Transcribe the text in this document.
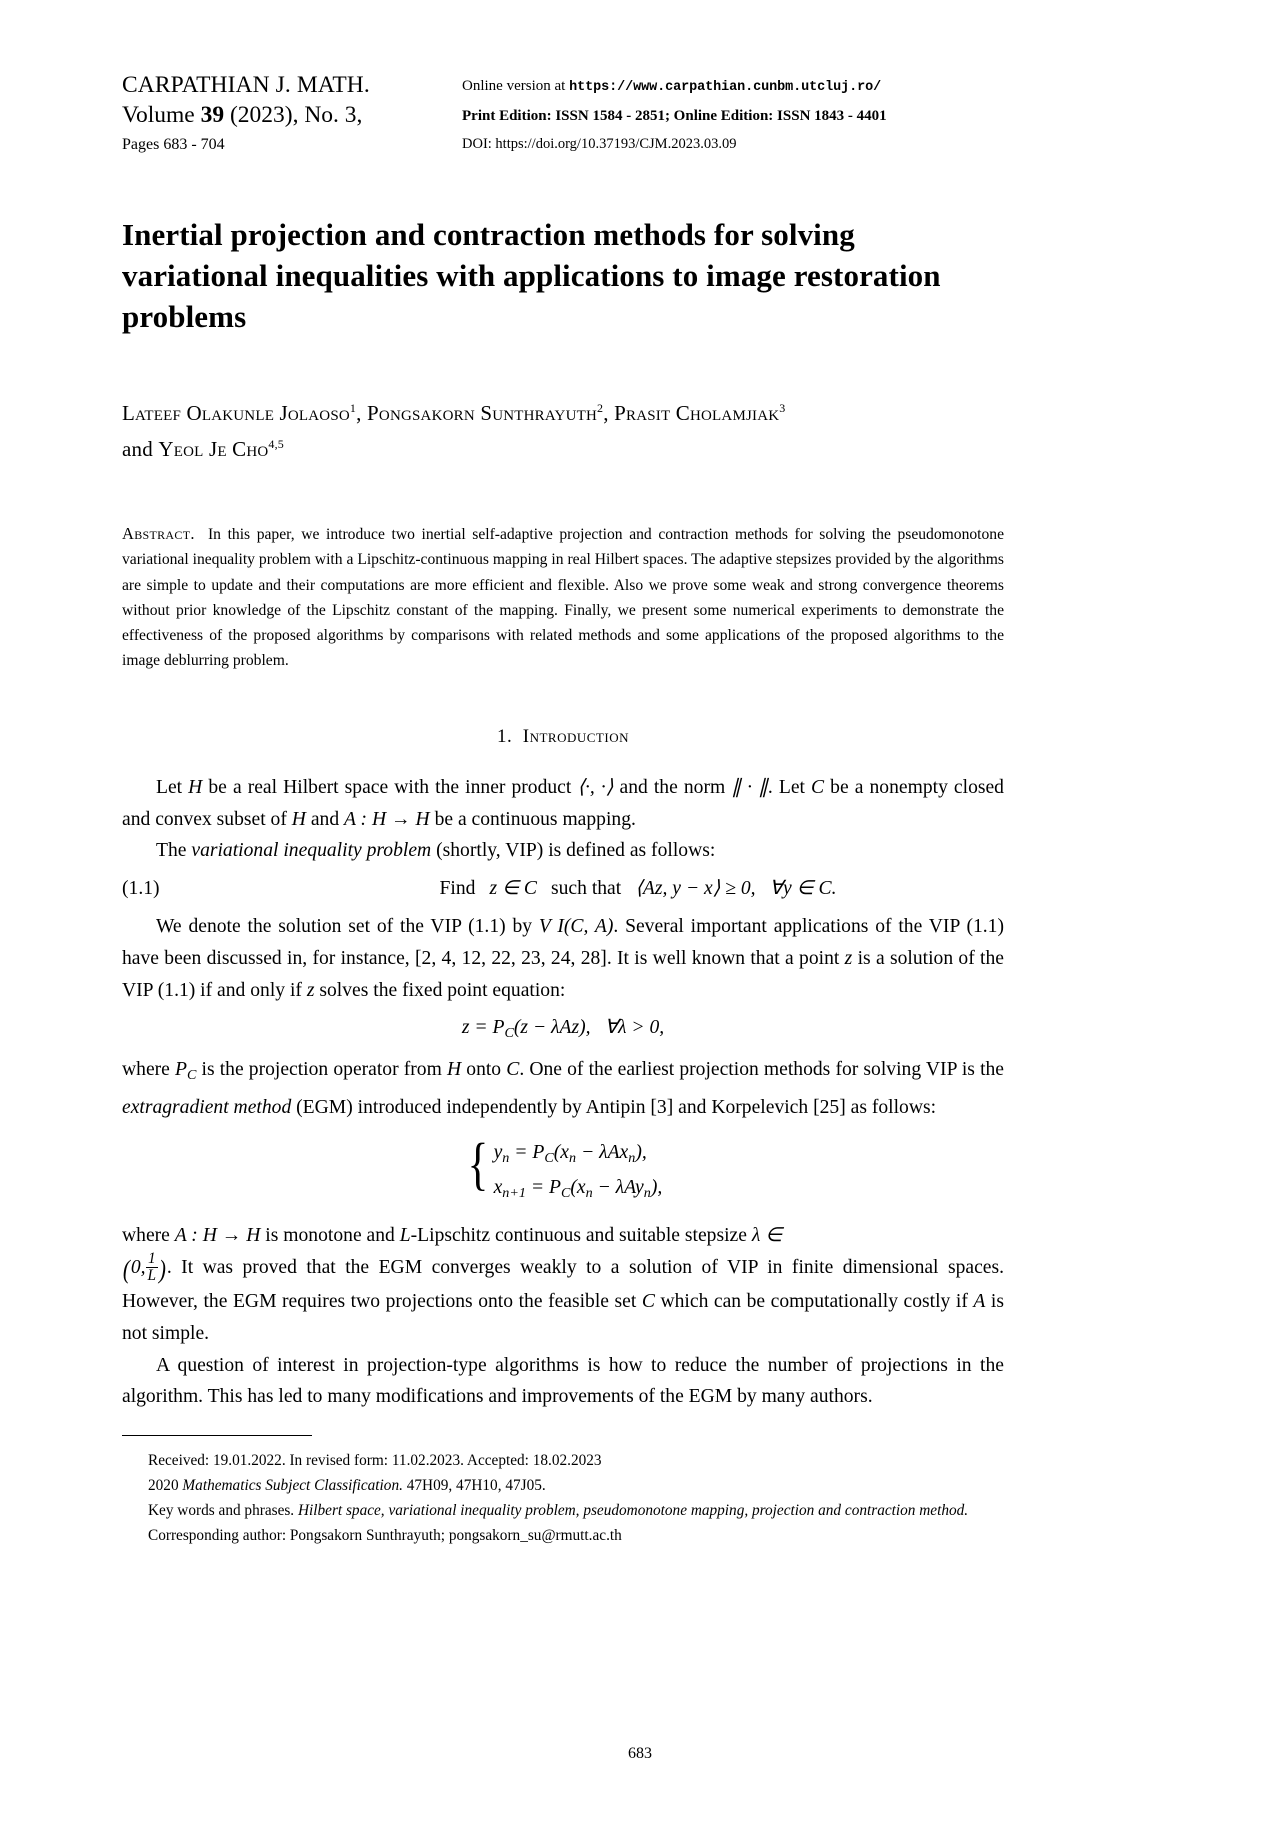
CARPATHIAN J. MATH.
Volume 39 (2023), No. 3,
Pages 683 - 704
Online version at https://www.carpathian.cunbm.utcluj.ro/
Print Edition: ISSN 1584 - 2851; Online Edition: ISSN 1843 - 4401
DOI: https://doi.org/10.37193/CJM.2023.03.09
Inertial projection and contraction methods for solving variational inequalities with applications to image restoration problems
Lateef Olakunle Jolaoso$^1$, Pongsakorn Sunthrayuth$^2$, Prasit Cholamjiak$^3$
and Yeol Je Cho$^{4,5}$
Abstract. In this paper, we introduce two inertial self-adaptive projection and contraction methods for solving the pseudomonotone variational inequality problem with a Lipschitz-continuous mapping in real Hilbert spaces. The adaptive stepsizes provided by the algorithms are simple to update and their computations are more efficient and flexible. Also we prove some weak and strong convergence theorems without prior knowledge of the Lipschitz constant of the mapping. Finally, we present some numerical experiments to demonstrate the effectiveness of the proposed algorithms by comparisons with related methods and some applications of the proposed algorithms to the image deblurring problem.
1. Introduction

Let H be a real Hilbert space with the inner product ⟨·, ·⟩ and the norm ∥ · ∥. Let C be a nonempty closed and convex subset of H and A : H → H be a continuous mapping.

The variational inequality problem (shortly, VIP) is defined as follows:

(1.1)	Find z ∈ C such that ⟨Az, y − x⟩ ≥ 0, ∀y ∈ C.

We denote the solution set of the VIP (1.1) by V I(C, A). Several important applications of the VIP (1.1) have been discussed in, for instance, [2, 4, 12, 22, 23, 24, 28]. It is well known that a point z is a solution of the VIP (1.1) if and only if z solves the fixed point equation:

$z = P_C(z - \lambda Az)$, ∀λ > 0,

where $P_C$ is the projection operator from H onto C. One of the earliest projection methods for solving VIP is the extragradient method (EGM) introduced independently by Antipin [3] and Korpelevich [25] as follows:

{ $y_n = P_C(x_n - \lambda Ax_n)$,
$x_{n+1} = P_C(x_n - \lambda Ay_n)$,

where A : H → H is monotone and L-Lipschitz continuous and suitable stepsize λ ∈
(0, $\frac{1}{L}$ ). It was proved that the EGM converges weakly to a solution of VIP in finite dimensional spaces. However, the EGM requires two projections onto the feasible set C which can be computationally costly if A is not simple.

A question of interest in projection-type algorithms is how to reduce the number of projections in the algorithm. This has led to many modifications and improvements of the EGM by many authors.

Received: 19.01.2022. In revised form: 11.02.2023. Accepted: 18.02.2023

2020 Mathematics Subject Classification. 47H09, 47H10, 47J05.

Key words and phrases. Hilbert space, variational inequality problem, pseudomonotone mapping, projection and contraction method.

Corresponding author: Pongsakorn Sunthrayuth; pongsakorn_su@rmutt.ac.th

683
